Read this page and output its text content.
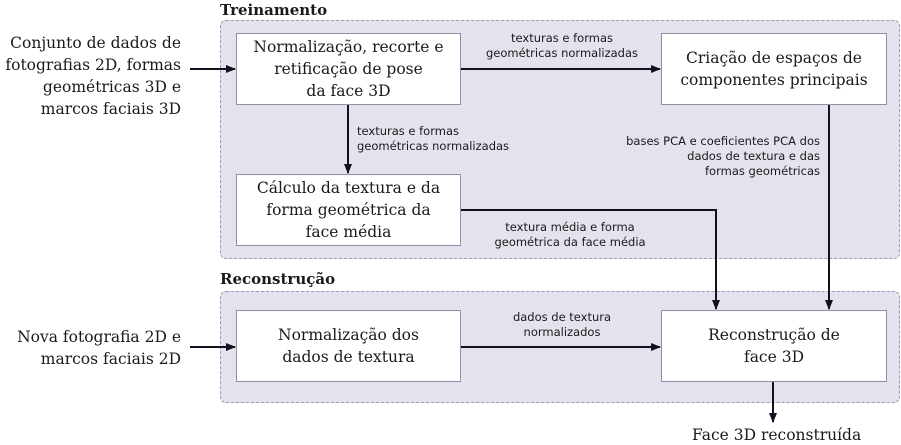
Treinamento
Reconstrução
Conjunto de dados de
fotografias 2D, formas
geométricas 3D e
marcos faciais 3D
Nova fotografia 2D e
marcos faciais 2D
Normalização, recorte e
retificação de pose
da face 3D
Criação de espaços de
componentes principais
Cálculo da textura e da
forma geométrica da
face média
Normalização dos
dados de textura
Reconstrução de
face 3D
texturas e formas
geométricas normalizadas
texturas e formas
geométricas normalizadas	bases PCA e coeficientes PCA dos
dados de textura e das
formas geométricas
textura média e forma
geométrica da face média
dados de textura
normalizados
Face 3D reconstruída
